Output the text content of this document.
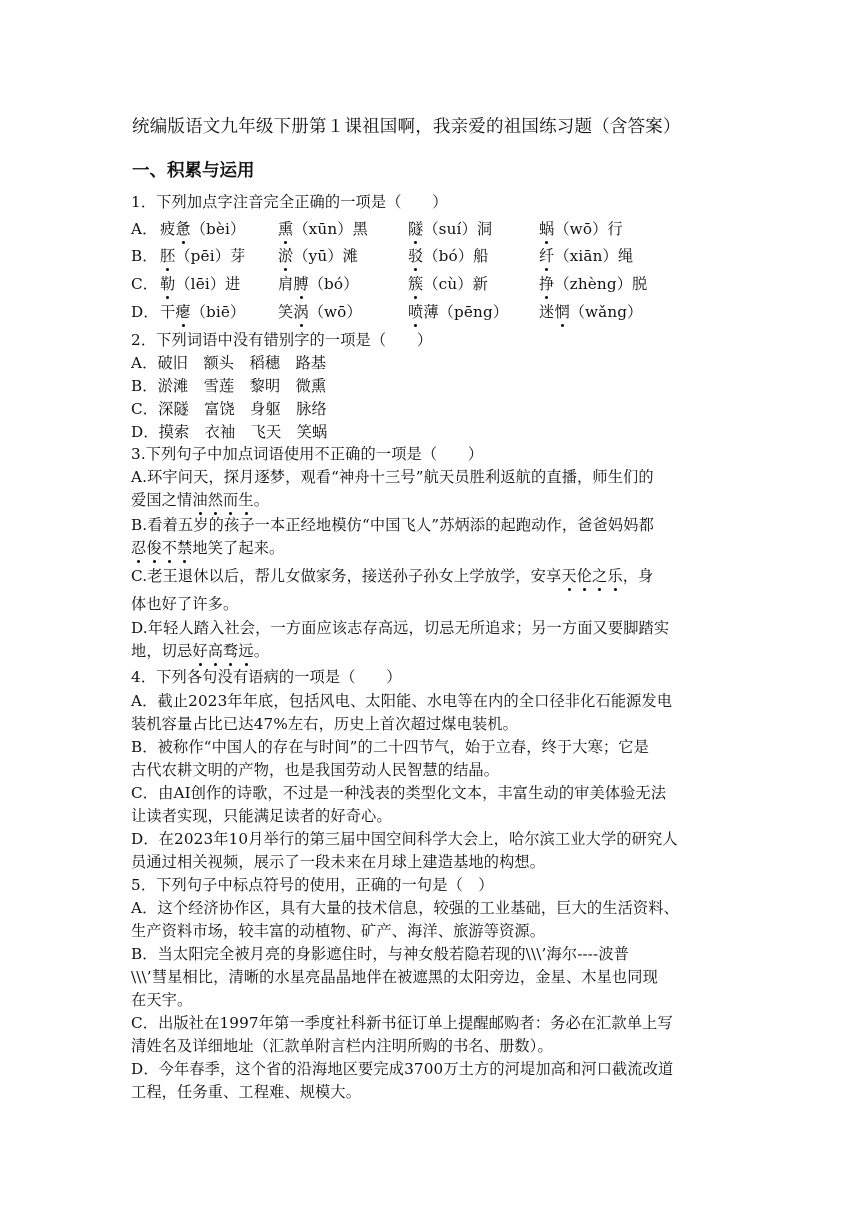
统编版语文九年级下册第１课祖国啊，我亲爱的祖国练习题（含答案）
一、积累与运用
1．下列加点字注音完全正确的一项是（　　）
A． 疲惫（bèi） 熏（xūn）黑	隧（suí）洞	蜗（wō）行
B． 胚（pēi）芽 淤（yū）滩	驳（bó）船	纤（xiān）绳
C． 勒（lēi）进 肩膊（bó）	簇（cù）新	挣（zhèng）脱
D． 干瘪（biē） 笑涡（wō）	喷薄（pēng） 迷惘（wǎng）
2．下列词语中没有错别字的一项是（　　）
A．破旧　额头　稻穗　路基
B．淤滩　雪莲　黎明　微熏
C．深隧　富饶　身躯　脉络
D．摸索　衣袖　飞天　笑蜗
3.下列句子中加点词语使用不正确的一项是（　　）
A.环宇问天，探月逐梦，观看“神舟十三号”航天员胜利返航的直播，师生们的
爱国之情油然而生。
B.看着五岁的孩子一本正经地模仿“中国飞人”苏炳添的起跑动作，爸爸妈妈都
忍俊不禁地笑了起来。
C.老王退休以后，帮儿女做家务，接送孙子孙女上学放学，安享天伦之乐，身
体也好了许多。
D.年轻人踏入社会，一方面应该志存高远，切忌无所追求；另一方面又要脚踏实
地，切忌好高骛远。
4．下列各句没有语病的一项是（　　）
A．截止2023年年底，包括风电、太阳能、水电等在内的全口径非化石能源发电
装机容量占比已达47%左右，历史上首次超过煤电装机。
B．被称作“中国人的存在与时间”的二十四节气，始于立春，终于大寒；它是
古代农耕文明的产物，也是我国劳动人民智慧的结晶。
C．由AI创作的诗歌，不过是一种浅表的类型化文本，丰富生动的审美体验无法
让读者实现，只能满足读者的好奇心。
D．在2023年10月举行的第三届中国空间科学大会上，哈尔滨工业大学的研究人
员通过相关视频，展示了一段未来在月球上建造基地的构想。
5．下列句子中标点符号的使用，正确的一句是（　）
A．这个经济协作区，具有大量的技术信息，较强的工业基础，巨大的生活资料、
生产资料市场，较丰富的动植物、矿产、海洋、旅游等资源。
B．当太阳完全被月亮的身影遮住时，与神女般若隐若现的\\\’海尔----波普
\\\’彗星相比，清晰的水星亮晶晶地伴在被遮黑的太阳旁边，金星、木星也同现
在天宇。
C．出版社在1997年第一季度社科新书征订单上提醒邮购者：务必在汇款单上写
清姓名及详细地址（汇款单附言栏内注明所购的书名、册数）。
D．今年春季，这个省的沿海地区要完成3700万土方的河堤加高和河口截流改道
工程，任务重、工程难、规模大。
